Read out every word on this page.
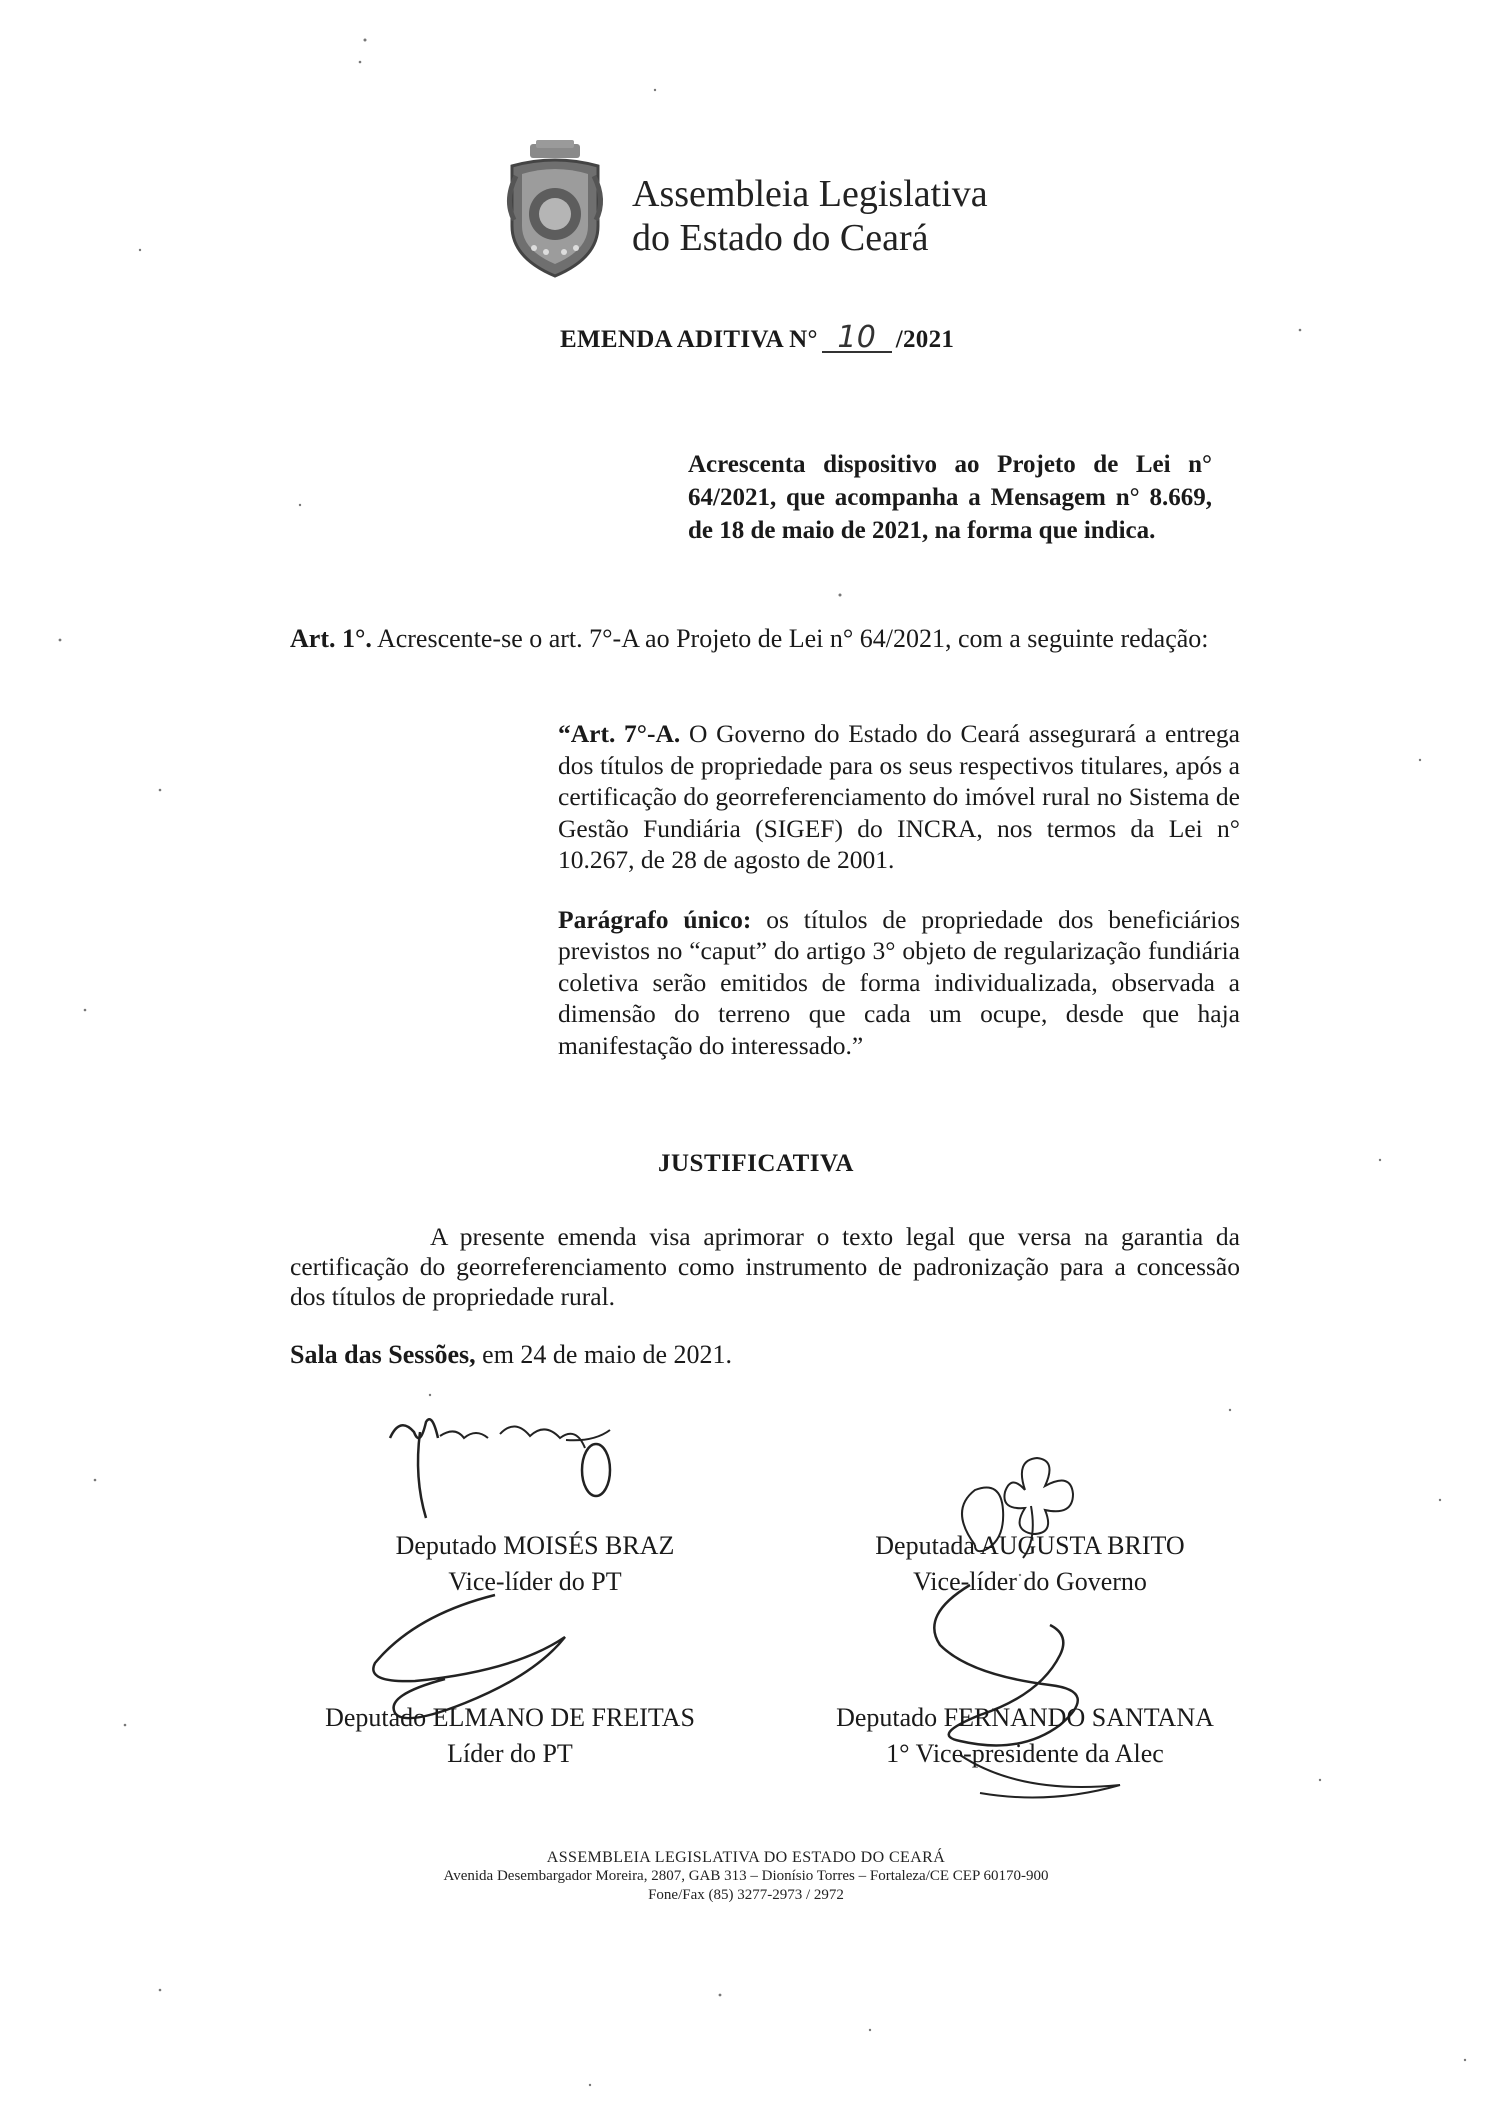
Assembleia Legislativa
do Estado do Ceará
EMENDA ADITIVA N° 10 /2021
Acrescenta dispositivo ao Projeto de Lei n° 64/2021, que acompanha a Mensagem n° 8.669, de 18 de maio de 2021, na forma que indica.
Art. 1°. Acrescente-se o art. 7°-A ao Projeto de Lei n° 64/2021, com a seguinte redação:

“Art. 7°-A. O Governo do Estado do Ceará assegurará a entrega dos títulos de propriedade para os seus respectivos titulares, após a certificação do georreferenciamento do imóvel rural no Sistema de Gestão Fundiária (SIGEF) do INCRA, nos termos da Lei n° 10.267, de 28 de agosto de 2001.

Parágrafo único: os títulos de propriedade dos beneficiários previstos no “caput” do artigo 3° objeto de regularização fundiária coletiva serão emitidos de forma individualizada, observada a dimensão do terreno que cada um ocupe, desde que haja manifestação do interessado.”

JUSTIFICATIVA
A presente emenda visa aprimorar o texto legal que versa na garantia da certificação do georreferenciamento como instrumento de padronização para a concessão dos títulos de propriedade rural.
Sala das Sessões, em 24 de maio de 2021.
Moisés Braz
Deputado MOISÉS BRAZ
Vice-líder do PT
Deputada AUGUSTA BRITO
Vice-líder do Governo
Deputado ELMANO DE FREITAS
Líder do PT
Deputado FERNANDO SANTANA
1° Vice-presidente da Alec
ASSEMBLEIA LEGISLATIVA DO ESTADO DO CEARÁ
Avenida Desembargador Moreira, 2807, GAB 313 – Dionísio Torres – Fortaleza/CE CEP 60170-900
Fone/Fax (85) 3277-2973 / 2972
